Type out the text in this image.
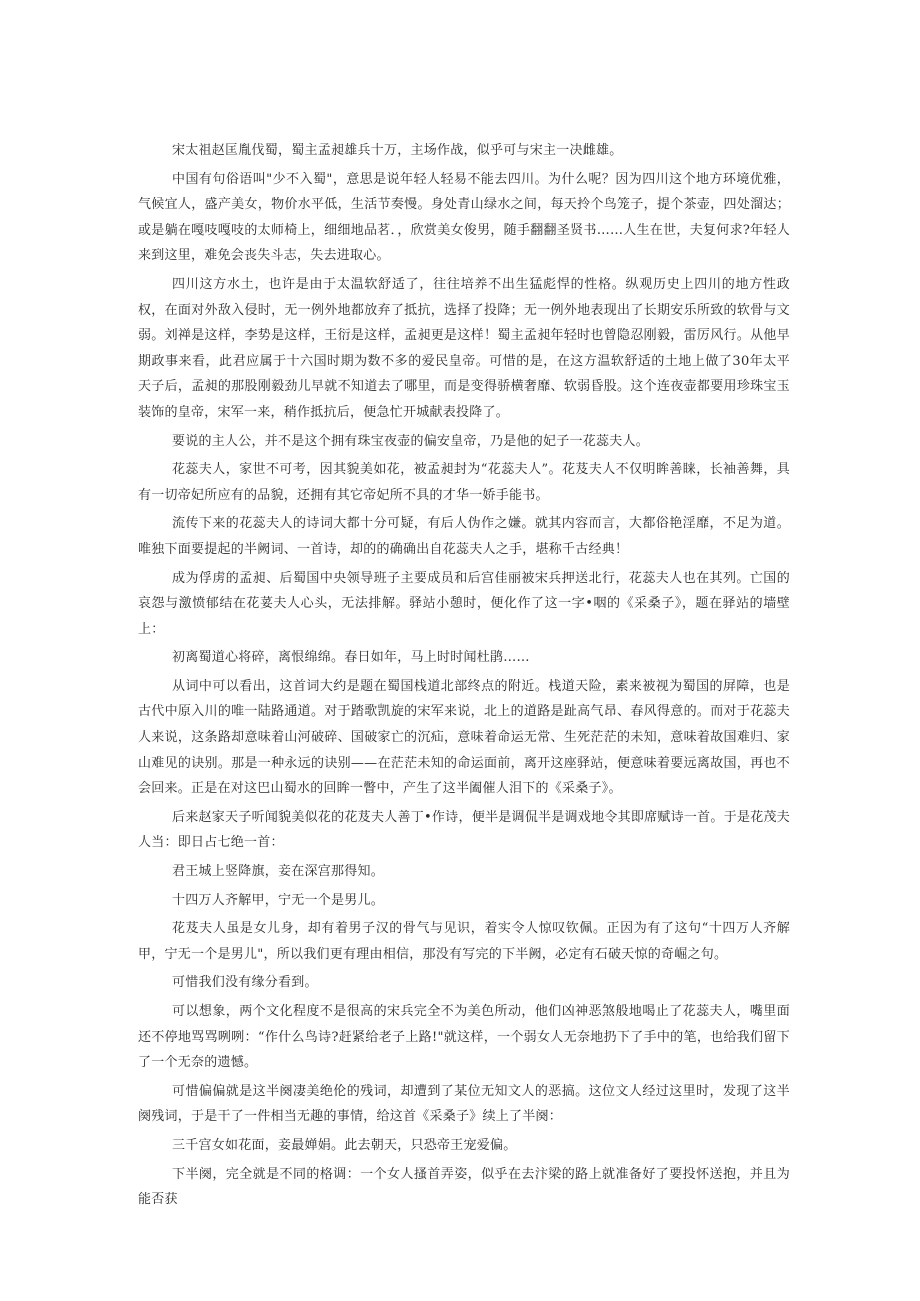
宋太祖赵匡胤伐蜀，蜀主孟昶雄兵十万，主场作战，似乎可与宋主一决雌雄。

中国有句俗语叫"少不入蜀"，意思是说年轻人轻易不能去四川。为什么呢？因为四川这个地方环境优雅，气候宜人，盛产美女，物价水平低，生活节奏慢。身处青山绿水之间，每天拎个鸟笼子，提个茶壶，四处溜达；或是躺在嘎吱嘎吱的太师椅上，细细地品茗．，欣赏美女俊男，随手翻翻圣贤书……人生在世，夫复何求?年轻人来到这里，难免会丧失斗志，失去进取心。

四川这方水土，也许是由于太温软舒适了，往往培养不出生猛彪悍的性格。纵观历史上四川的地方性政权，在面对外敌入侵时，无一例外地都放弃了抵抗，选择了投降；无一例外地表现出了长期安乐所致的软骨与文弱。刘禅是这样，李势是这样，王衍是这样，孟昶更是这样！蜀主孟昶年轻时也曾隐忍刚毅，雷厉风行。从他早期政事来看，此君应属于十六国时期为数不多的爱民皇帝。可惜的是，在这方温软舒适的土地上做了30年太平天子后，孟昶的那股刚毅劲儿早就不知道去了哪里，而是变得骄横奢靡、软弱昏股。这个连夜壶都要用珍珠宝玉装饰的皇帝，宋军一来，稍作抵抗后，便急忙开城献表投降了。

要说的主人公，并不是这个拥有珠宝夜壶的偏安皇帝，乃是他的妃子一花蕊夫人。

花蕊夫人，家世不可考，因其貌美如花，被孟昶封为“花蕊夫人”。花芨夫人不仅明眸善睐，长袖善舞，具有一切帝妃所应有的品貌，还拥有其它帝妃所不具的才华一娇手能书。

流传下来的花蕊夫人的诗词大都十分可疑，有后人伪作之嫌。就其内容而言，大都俗艳淫靡，不足为道。唯独下面要提起的半阙词、一首诗，却的的确确出自花蕊夫人之手，堪称千古经典！

成为俘虏的孟昶、后蜀国中央领导班子主要成员和后宫佳丽被宋兵押送北行，花蕊夫人也在其列。亡国的哀怨与激愤郁结在花荽夫人心头，无法排解。驿站小憩时，便化作了这一字•咽的《采桑子》，题在驿站的墙壁上：

初离蜀道心将碎，离恨绵绵。春日如年，马上时时闻杜鹃……

从词中可以看出，这首词大约是题在蜀国栈道北部终点的附近。栈道天险，素来被视为蜀国的屏障，也是古代中原入川的唯一陆路通道。对于踏歌凯旋的宋军来说，北上的道路是趾高气昂、春风得意的。而对于花蕊夫人来说，这条路却意味着山河破碎、国破家亡的沉疝，意味着命运无常、生死茫茫的未知，意味着故国难归、家山难见的诀别。那是一种永远的诀别——在茫茫未知的命运面前，离开这座驿站，便意味着要远离故国，再也不会回来。正是在对这巴山蜀水的回眸一瞥中，产生了这半阖催人泪下的《采桑子》。

后来赵家天子听闻貌美似花的花芨夫人善丁•作诗，便半是调侃半是调戏地令其即席赋诗一首。于是花茂夫人当：即日占七绝一首：

君王城上竖降旗，妾在深宫那得知。

十四万人齐解甲，宁无一个是男儿。

花芨夫人虽是女儿身，却有着男子汉的骨气与见识，着实令人惊叹钦佩。正因为有了这句“十四万人齐解甲，宁无一个是男儿"，所以我们更有理由相信，那没有写完的下半阙，必定有石破天惊的奇崛之句。

可惜我们没有缘分看到。

可以想象，两个文化程度不是很高的宋兵完全不为美色所动，他们凶神恶煞般地喝止了花蕊夫人，嘴里面还不停地骂骂咧咧：“作什么鸟诗?赶紧给老子上路!"就这样，一个弱女人无奈地扔下了手中的笔，也给我们留下了一个无奈的遗憾。

可惜偏偏就是这半阕凄美绝伦的残词，却遭到了某位无知文人的恶搞。这位文人经过这里时，发现了这半阕残词，于是干了一件相当无趣的事情，给这首《采桑子》续上了半阕：

三千宫女如花面，妾最婵娟。此去朝天，只恐帝王宠爱偏。

下半阕，完全就是不同的格调：一个女人搔首弄姿，似乎在去汴梁的路上就准备好了要投怀送抱，并且为能否获
